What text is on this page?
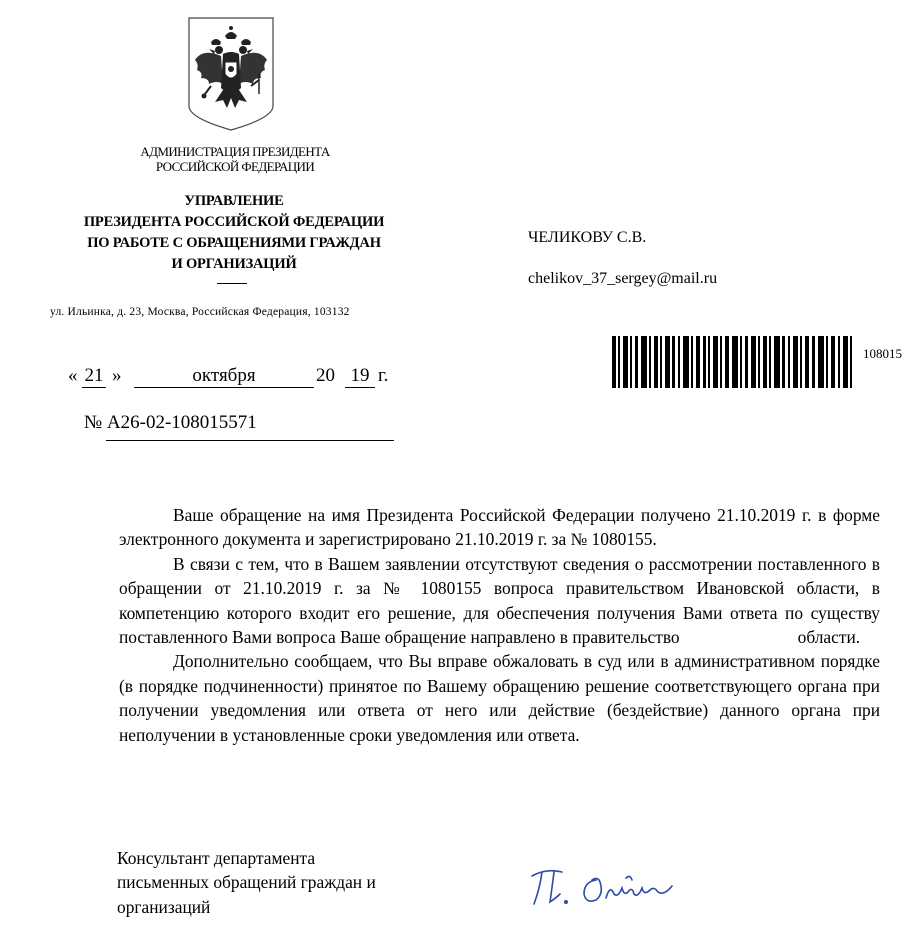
АДМИНИСТРАЦИЯ ПРЕЗИДЕНТА
РОССИЙСКОЙ ФЕДЕРАЦИИ
УПРАВЛЕНИЕ
ПРЕЗИДЕНТА РОССИЙСКОЙ ФЕДЕРАЦИИ
ПО РАБОТЕ С ОБРАЩЕНИЯМИ ГРАЖДАН
И ОРГАНИЗАЦИЙ
ул. Ильинка, д. 23, Москва, Российская Федерация, 103132
ЧЕЛИКОВУ С.В.
chelikov_37_sergey@mail.ru
108015
« 21 »	октября	20 19 г.
№ А26-02-108015571

Ваше обращение на имя Президента Российской Федерации получено 21.10.2019 г. в форме электронного документа и зарегистрировано 21.10.2019 г. за № 1080155.

В связи с тем, что в Вашем заявлении отсутствуют сведения о рассмотрении поставленного в обращении от 21.10.2019 г. за № 1080155 вопроса правительством Ивановской области, в компетенцию которого входит его решение, для обеспечения получения Вами ответа по существу поставленного Вами вопроса Ваше обращение направлено в правительство	области.

Дополнительно сообщаем, что Вы вправе обжаловать в суд или в административном порядке (в порядке подчиненности) принятое по Вашему обращению решение соответствующего органа при получении уведомления или ответа от него или действие (бездействие) данного органа при неполучении в установленные сроки уведомления или ответа.

Консультант департамента
письменных обращений граждан и
организаций
